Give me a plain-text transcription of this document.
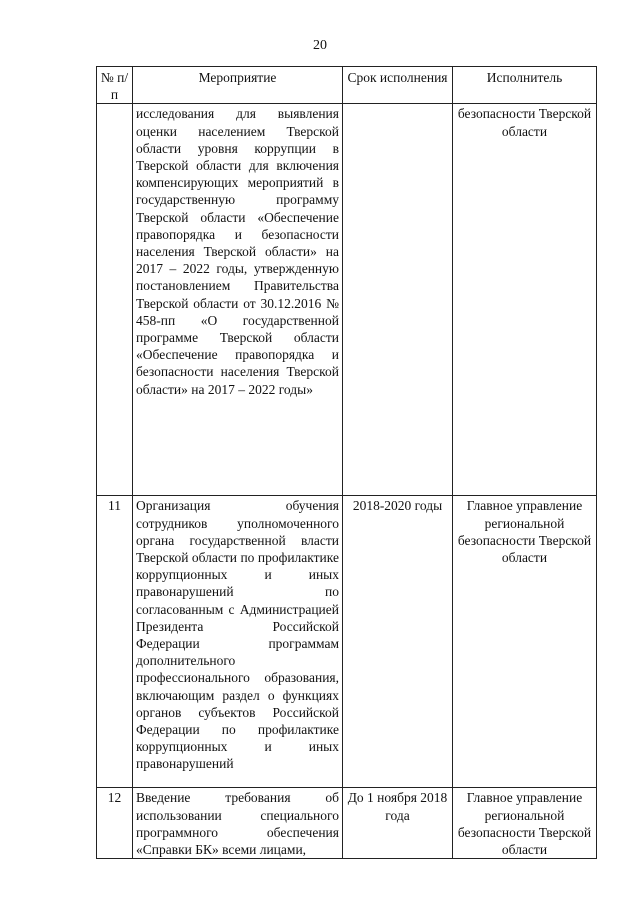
20
№ п/п	Мероприятие	Срок исполнения	Исполнитель
	исследования для выявления оценки населением Тверской области уровня коррупции в Тверской области для включения компенсирующих мероприятий в государственную программу Тверской области «Обеспечение правопорядка и безопасности населения Тверской области» на 2017 – 2022 годы, утвержденную постановлением Правительства Тверской области от 30.12.2016 № 458-пп «О государственной программе Тверской области «Обеспечение правопорядка и безопасности населения Тверской области» на 2017 – 2022 годы»		безопасности Тверской области
11	Организация обучения сотрудников уполномоченного органа государственной власти Тверской области по профилактике коррупционных и иных правонарушений по согласованным с Администрацией Президента Российской Федерации программам дополнительного профессионального образования, включающим раздел о функциях органов субъектов Российской Федерации по профилактике коррупционных и иных правонарушений	2018-2020 годы	Главное управление региональной безопасности Тверской области
12	Введение требования об использовании специального программного обеспечения «Справки БК» всеми лицами,	До 1 ноября 2018 года	Главное управление региональной безопасности Тверской области
